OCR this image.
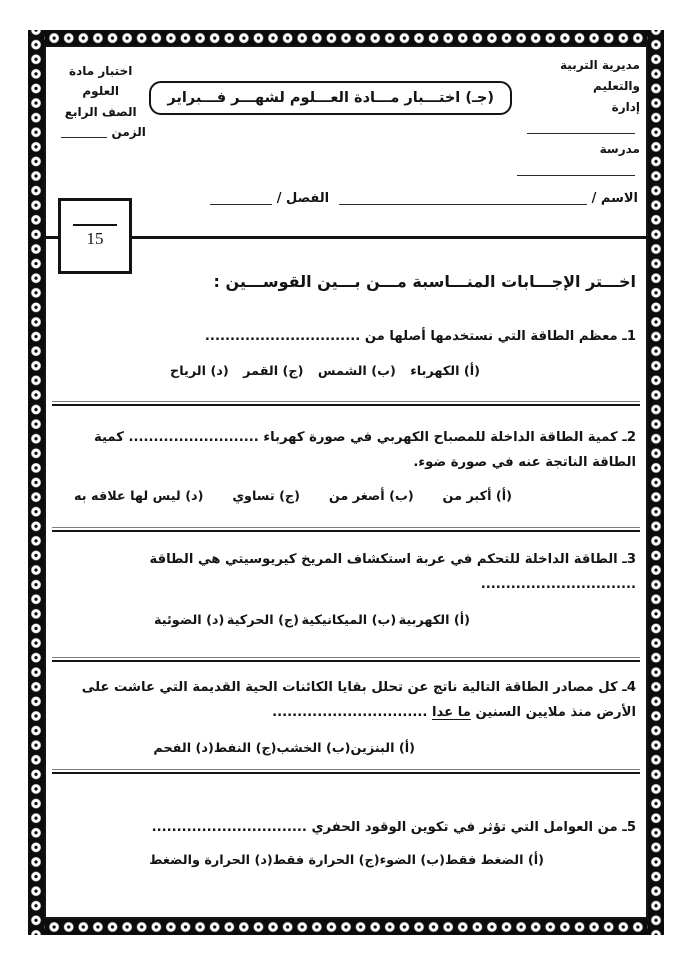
مديرية التربية والتعليم
إدارة
مدرسة
(جـ) اختـــبار مـــادة العـــلوم لشهـــر فـــبراير
اختبار مادة العلوم
الصف الرابع
الزمن
الاسم / الفصل /
15
اخـــتر الإجـــابات المنـــاسبة مـــن بـــين القوســـين :

1ـ معظم الطاقة التي نستخدمها أصلها من ...............................

(أ) الكهرباء
(ب) الشمس
(ج) القمر
(د) الرياح

2ـ كمية الطاقة الداخلة للمصباح الكهربي في صورة كهرباء .......................... كمية الطاقة الناتجة عنه في صورة ضوء.

(أ) أكبر من
(ب) أصغر من
(ج) تساوي
(د) ليس لها علاقه به

3ـ الطاقة الداخلة للتحكم في عربة استكشاف المريخ كيريوسيتي هي الطاقة ...............................

(أ) الكهربية
(ب) الميكانيكية
(ج) الحركية
(د) الضوئية

4ـ كل مصادر الطاقة التالية ناتج عن تحلل بقايا الكائنات الحية القديمة التي عاشت على الأرض منذ ملايين السنين ما عدا ...............................

(أ) البنزين
(ب) الخشب
(ج) النفط
(د) الفحم

5ـ من العوامل التي تؤثر في تكوين الوقود الحفري ...............................

(أ) الضغط فقط
(ب) الضوء
(ج) الحرارة فقط
(د) الحرارة والضغط
